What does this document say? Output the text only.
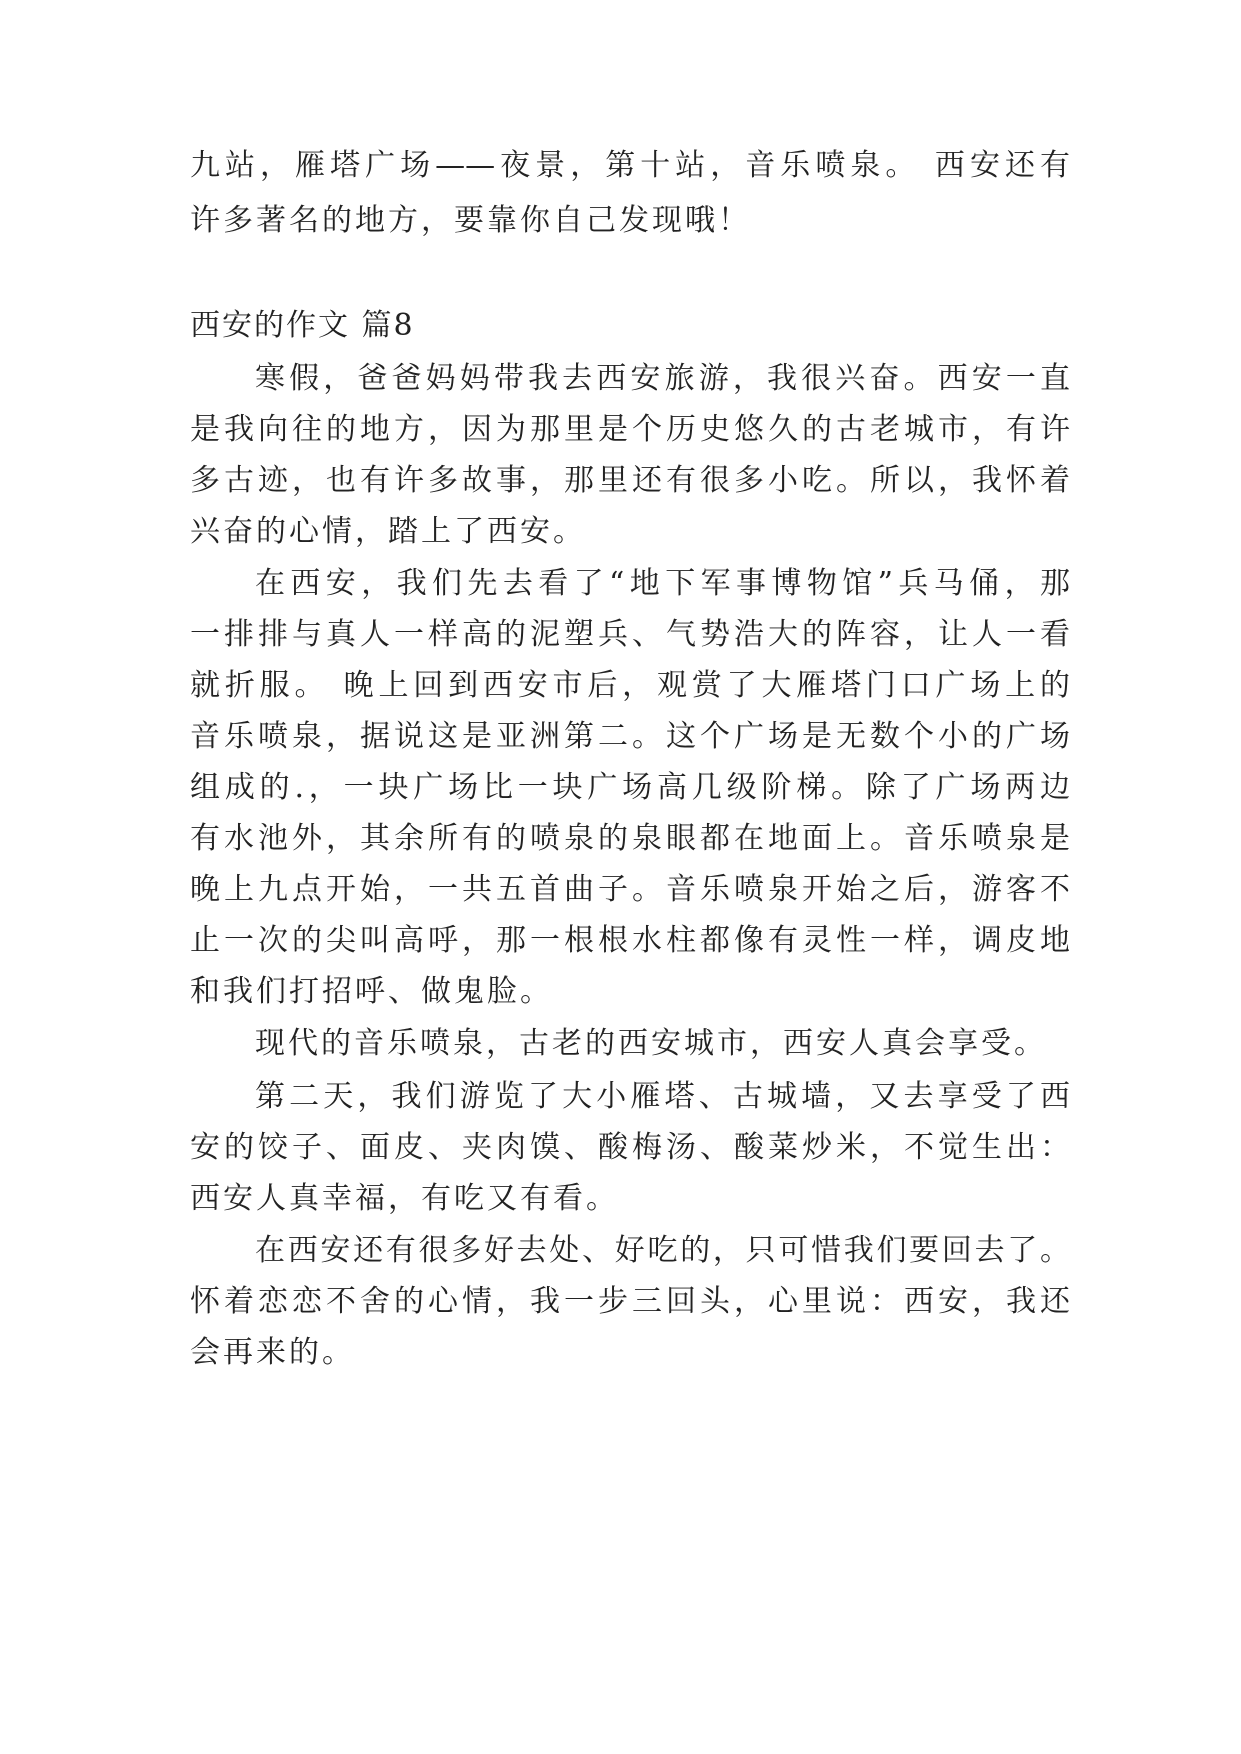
九站，雁塔广场——夜景，第十站，音乐喷泉。 西安还有
许多著名的地方，要靠你自己发现哦！
西安的作文 篇8
寒假，爸爸妈妈带我去西安旅游，我很兴奋。西安一直
是我向往的地方，因为那里是个历史悠久的古老城市，有许
多古迹，也有许多故事，那里还有很多小吃。所以，我怀着
兴奋的心情，踏上了西安。
在西安，我们先去看了“地下军事博物馆”兵马俑，那
一排排与真人一样高的泥塑兵、气势浩大的阵容，让人一看
就折服。 晚上回到西安市后，观赏了大雁塔门口广场上的
音乐喷泉，据说这是亚洲第二。这个广场是无数个小的广场
组成的.，一块广场比一块广场高几级阶梯。除了广场两边
有水池外，其余所有的喷泉的泉眼都在地面上。音乐喷泉是
晚上九点开始，一共五首曲子。音乐喷泉开始之后，游客不
止一次的尖叫高呼，那一根根水柱都像有灵性一样，调皮地
和我们打招呼、做鬼脸。
现代的音乐喷泉，古老的西安城市，西安人真会享受。
第二天，我们游览了大小雁塔、古城墙，又去享受了西
安的饺子、面皮、夹肉馍、酸梅汤、酸菜炒米，不觉生出：
西安人真幸福，有吃又有看。
在西安还有很多好去处、好吃的，只可惜我们要回去了。
怀着恋恋不舍的心情，我一步三回头，心里说：西安，我还
会再来的。
